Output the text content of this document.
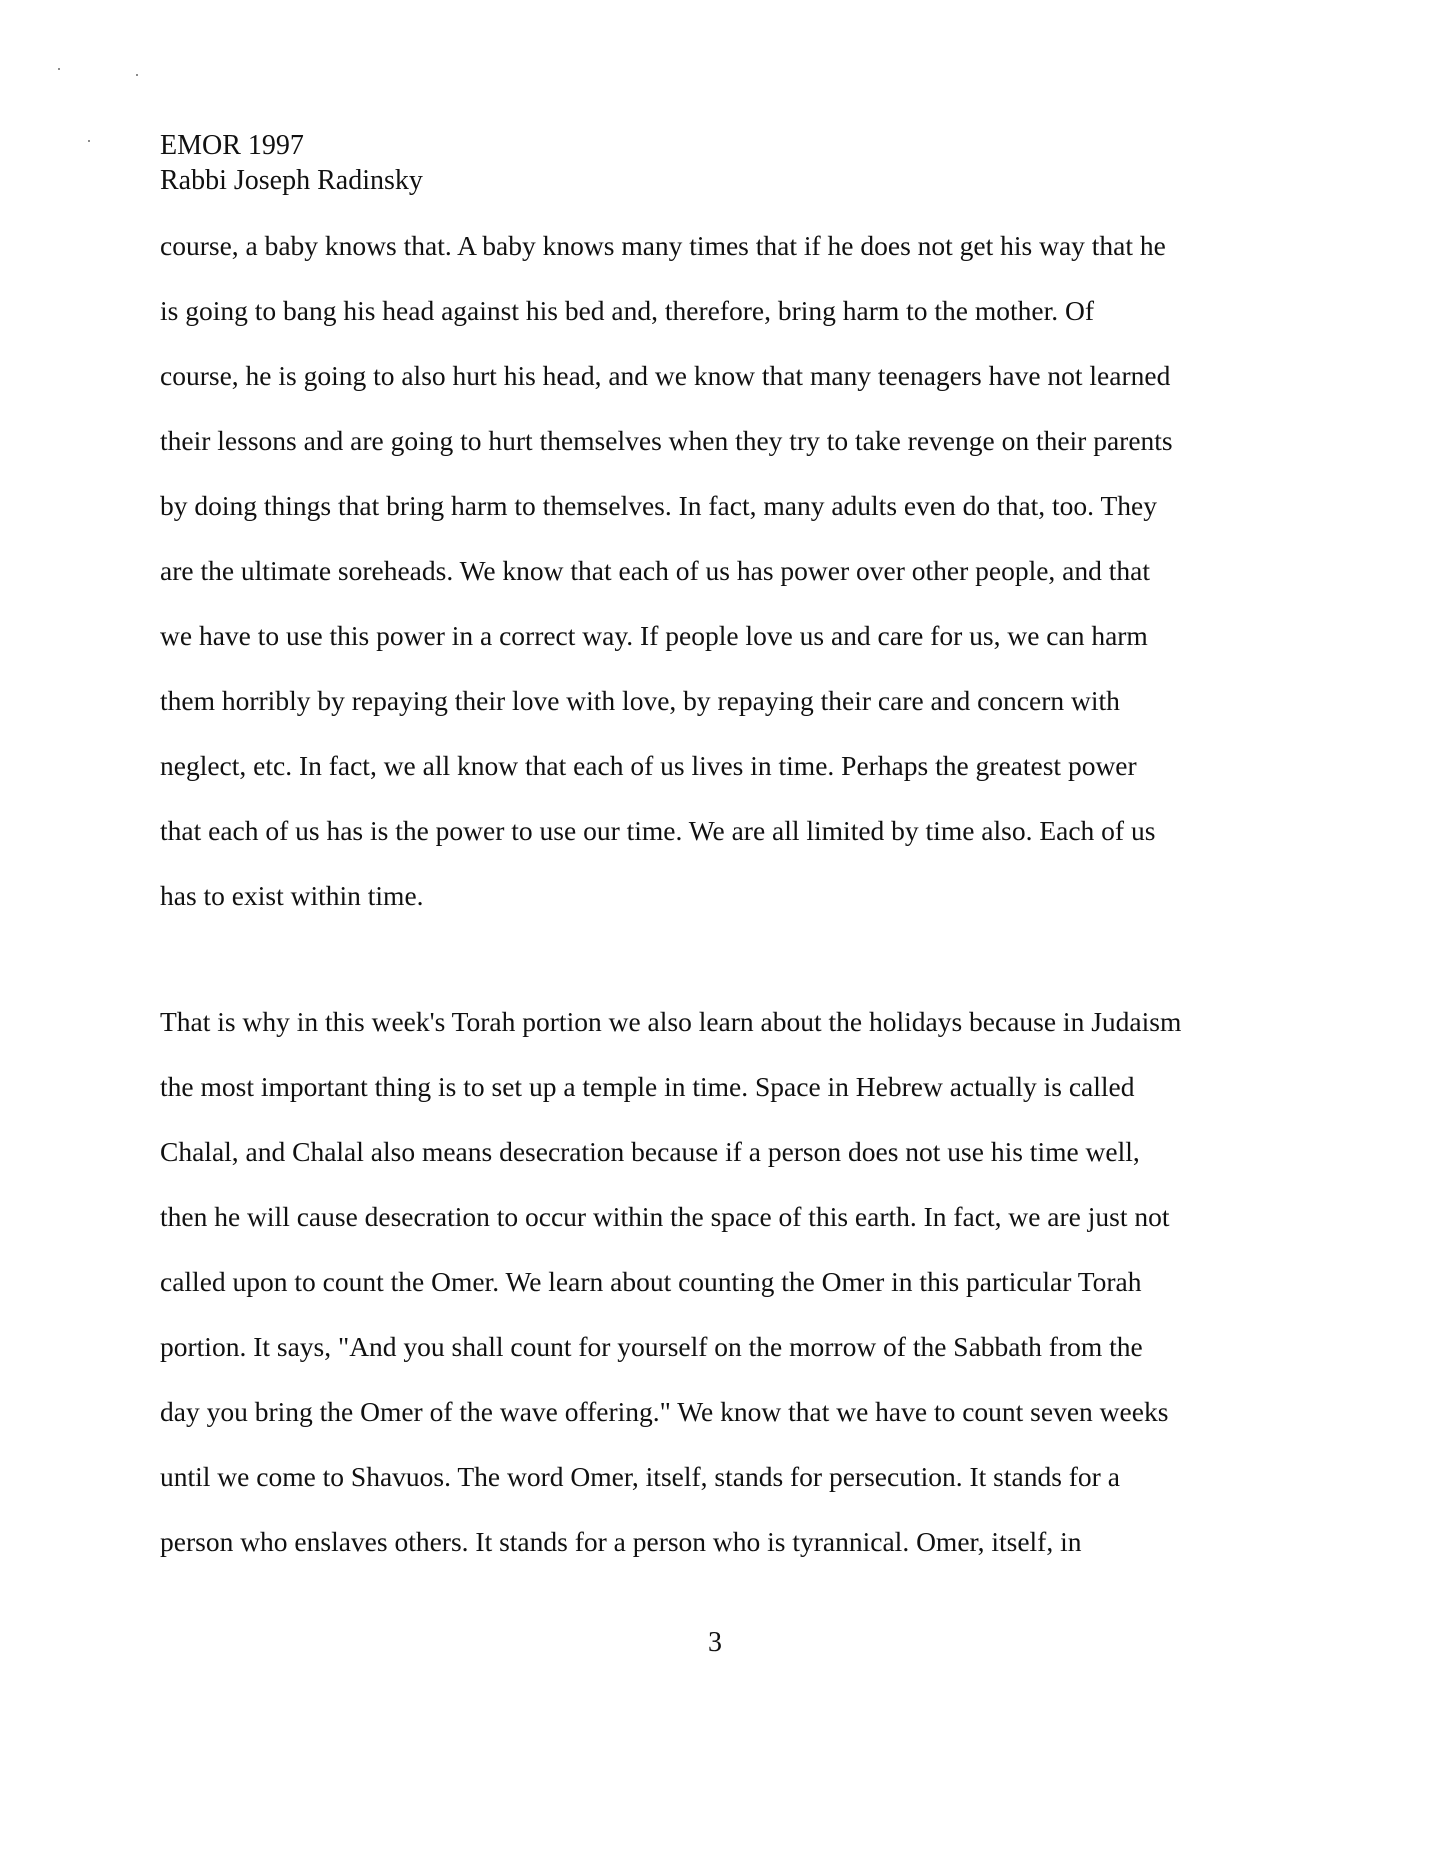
EMOR 1997
Rabbi Joseph Radinsky
course, a baby knows that. A baby knows many times that if he does not get his way that he
is going to bang his head against his bed and, therefore, bring harm to the mother. Of
course, he is going to also hurt his head, and we know that many teenagers have not learned
their lessons and are going to hurt themselves when they try to take revenge on their parents
by doing things that bring harm to themselves. In fact, many adults even do that, too. They
are the ultimate soreheads. We know that each of us has power over other people, and that
we have to use this power in a correct way. If people love us and care for us, we can harm
them horribly by repaying their love with love, by repaying their care and concern with
neglect, etc. In fact, we all know that each of us lives in time. Perhaps the greatest power
that each of us has is the power to use our time. We are all limited by time also. Each of us
has to exist within time.
That is why in this week's Torah portion we also learn about the holidays because in Judaism
the most important thing is to set up a temple in time. Space in Hebrew actually is called
Chalal, and Chalal also means desecration because if a person does not use his time well,
then he will cause desecration to occur within the space of this earth. In fact, we are just not
called upon to count the Omer. We learn about counting the Omer in this particular Torah
portion. It says, "And you shall count for yourself on the morrow of the Sabbath from the
day you bring the Omer of the wave offering." We know that we have to count seven weeks
until we come to Shavuos. The word Omer, itself, stands for persecution. It stands for a
person who enslaves others. It stands for a person who is tyrannical. Omer, itself, in
3
